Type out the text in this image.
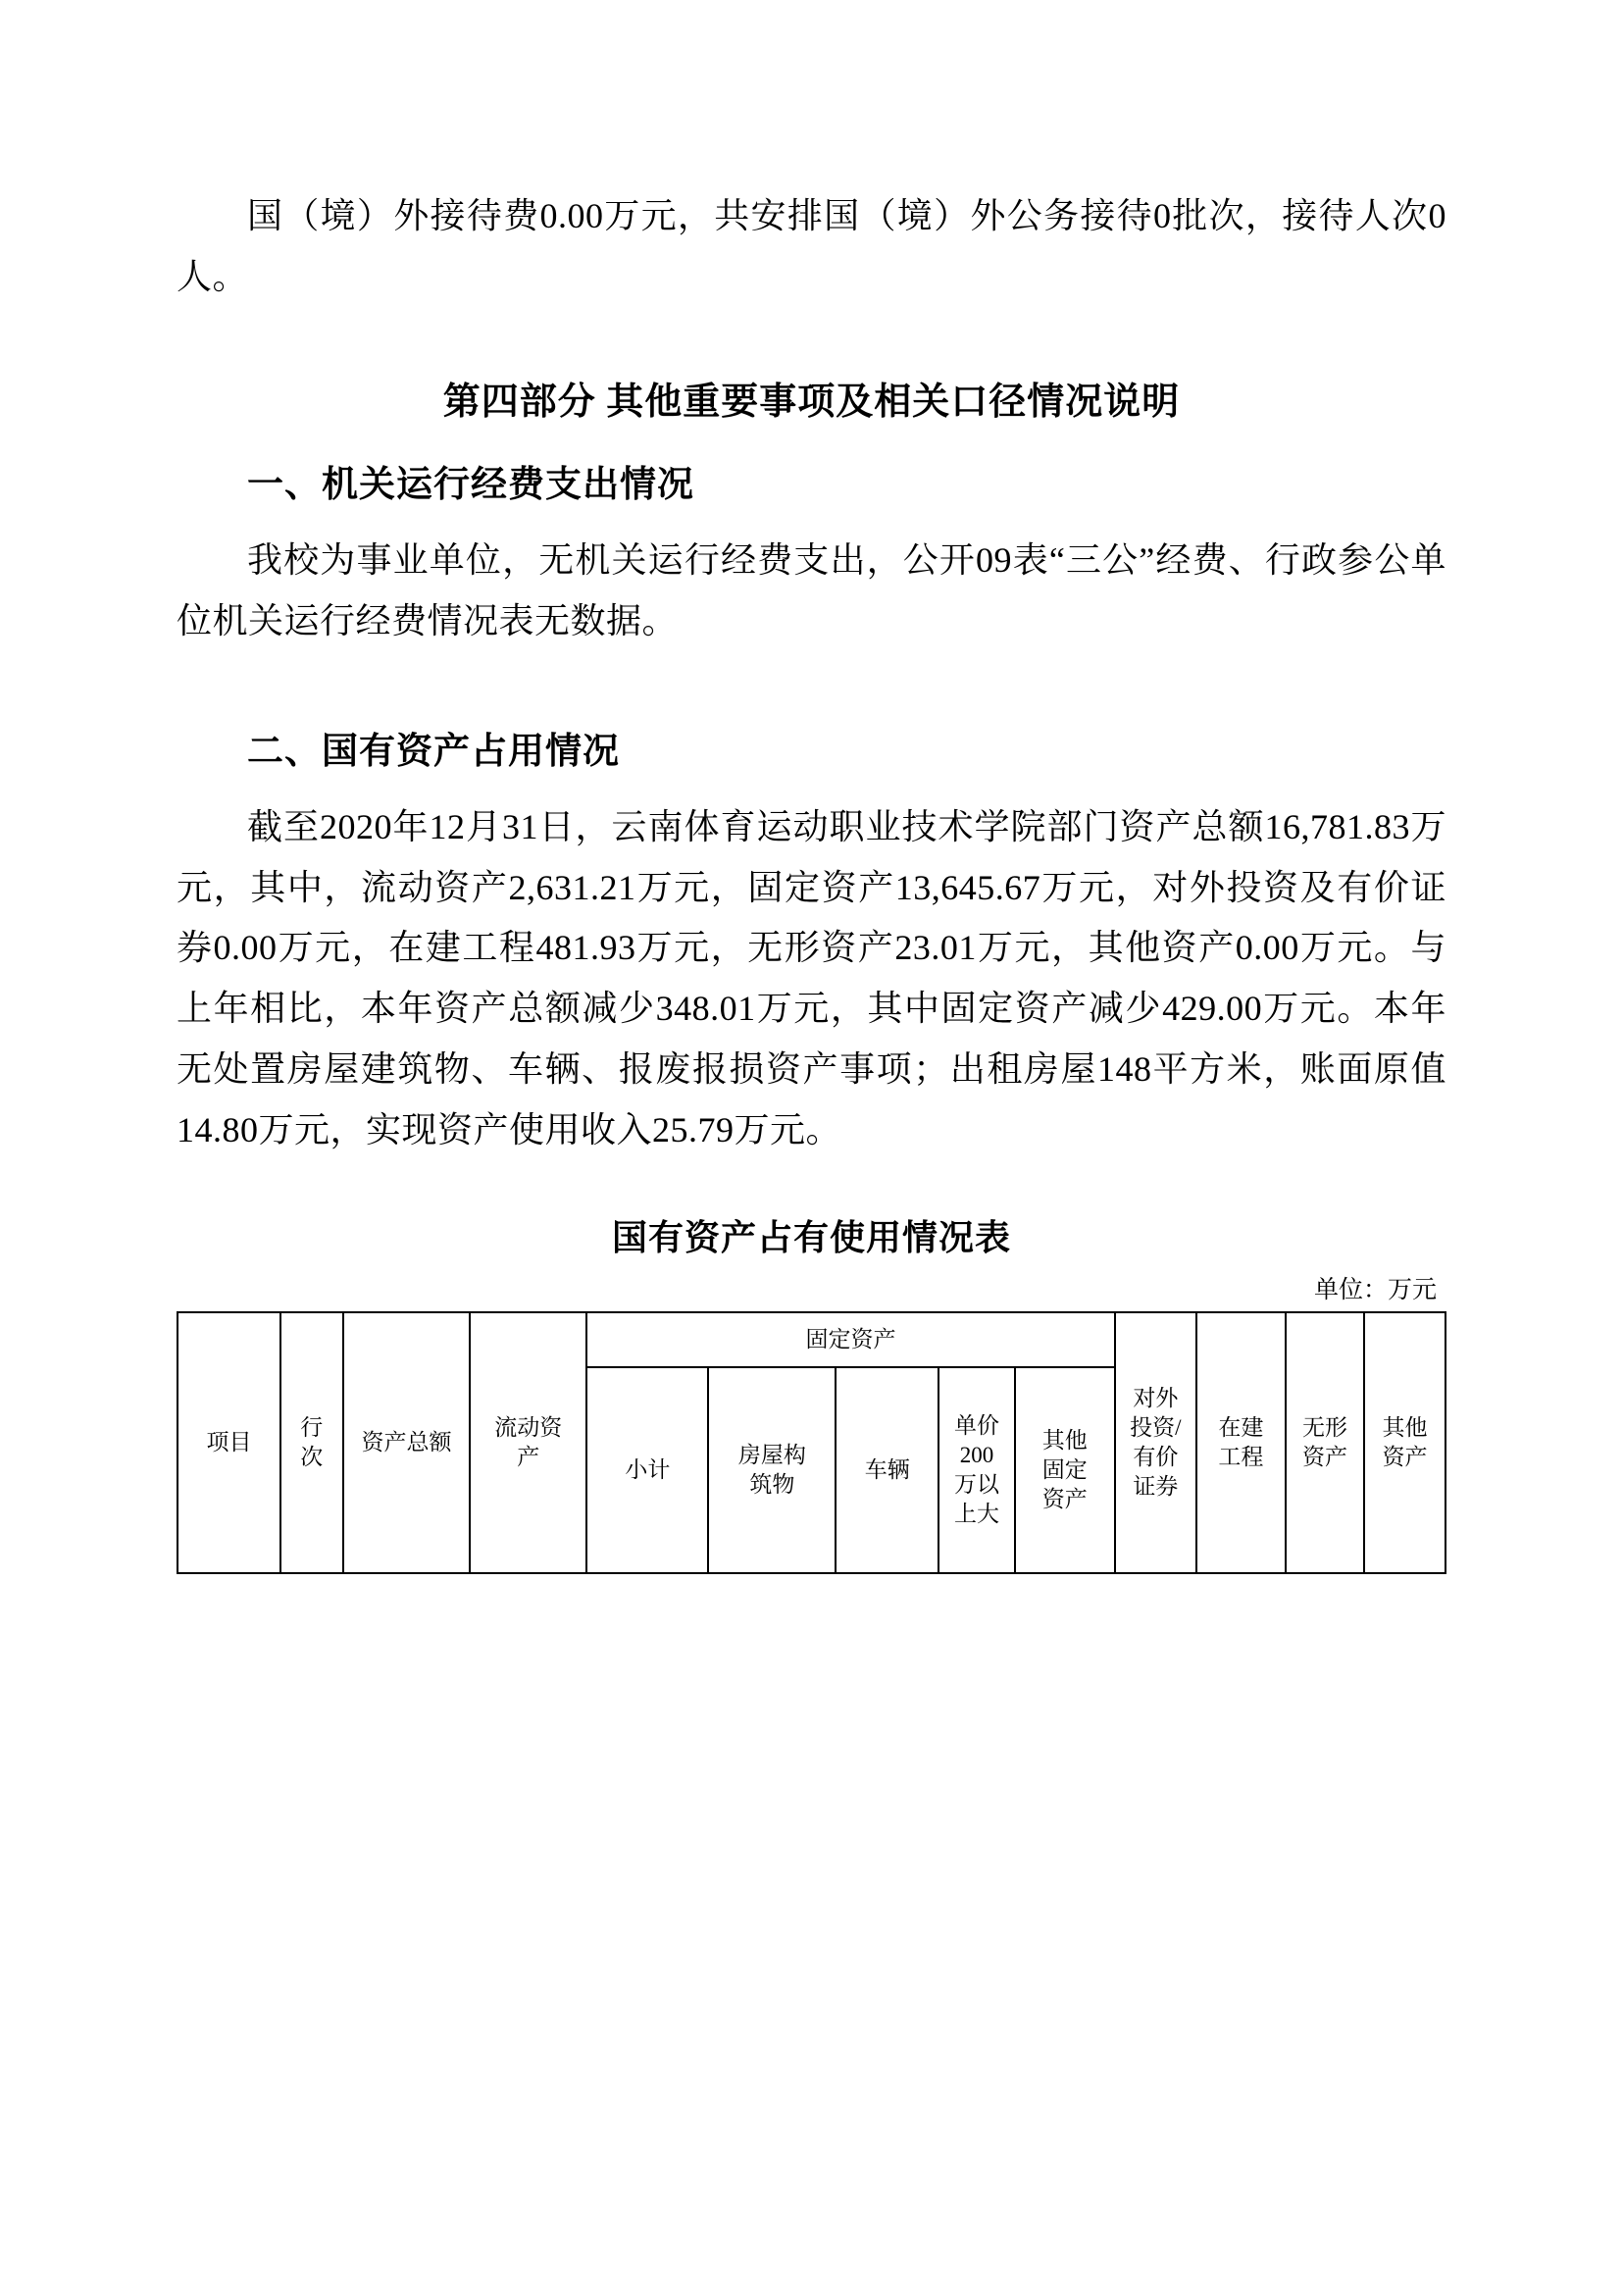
国（境）外接待费0.00万元，共安排国（境）外公务接待0批次，接待人次0人。

第四部分 其他重要事项及相关口径情况说明
一、机关运行经费支出情况

我校为事业单位，无机关运行经费支出，公开09表“三公”经费、行政参公单位机关运行经费情况表无数据。

二、国有资产占用情况

截至2020年12月31日，云南体育运动职业技术学院部门资产总额16,781.83万元，其中，流动资产2,631.21万元，固定资产13,645.67万元，对外投资及有价证券0.00万元，在建工程481.93万元，无形资产23.01万元，其他资产0.00万元。与上年相比，本年资产总额减少348.01万元，其中固定资产减少429.00万元。本年无处置房屋建筑物、车辆、报废报损资产事项；出租房屋148平方米，账面原值14.80万元，实现资产使用收入25.79万元。

国有资产占有使用情况表
单位：万元
项目	行次	资产总额	流动资产	固定资产					对外投资/有价证券	在建工程	无形资产	其他资产
				小计	房屋构筑物	车辆	单价200万以上大	其他固定资产				
